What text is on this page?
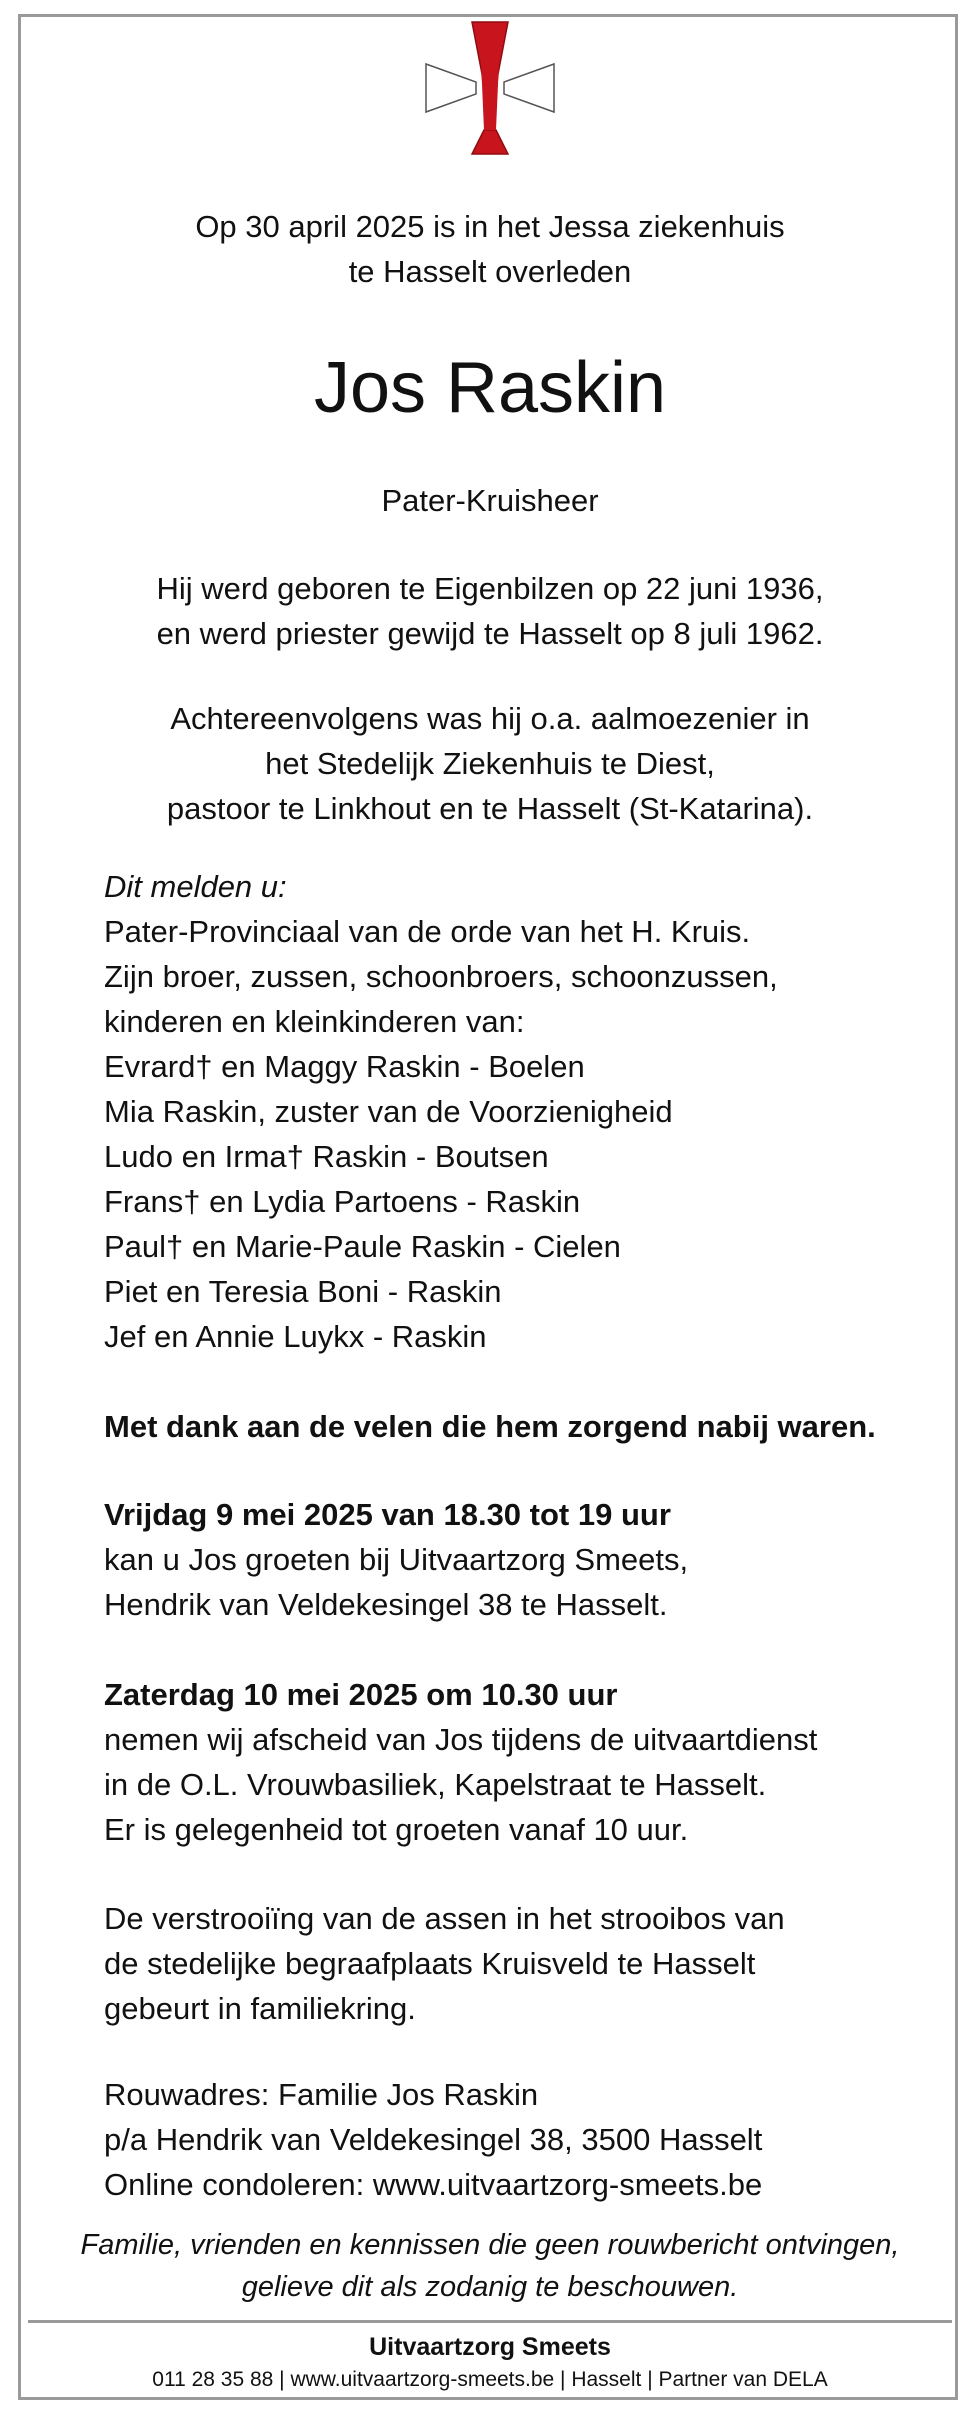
Op 30 april 2025 is in het Jessa ziekenhuis
te Hasselt overleden
Jos Raskin
Pater-Kruisheer
Hij werd geboren te Eigenbilzen op 22 juni 1936,
en werd priester gewijd te Hasselt op 8 juli 1962.
Achtereenvolgens was hij o.a. aalmoezenier in
het Stedelijk Ziekenhuis te Diest,
pastoor te Linkhout en te Hasselt (St-Katarina).
Dit melden u:
Pater-Provinciaal van de orde van het H. Kruis.
Zijn broer, zussen, schoonbroers, schoonzussen,
kinderen en kleinkinderen van:
Evrard† en Maggy Raskin - Boelen
Mia Raskin, zuster van de Voorzienigheid
Ludo en Irma† Raskin - Boutsen
Frans† en Lydia Partoens - Raskin
Paul† en Marie-Paule Raskin - Cielen
Piet en Teresia Boni - Raskin
Jef en Annie Luykx - Raskin
Met dank aan de velen die hem zorgend nabij waren.
Vrijdag 9 mei 2025 van 18.30 tot 19 uur
kan u Jos groeten bij Uitvaartzorg Smeets,
Hendrik van Veldekesingel 38 te Hasselt.
Zaterdag 10 mei 2025 om 10.30 uur
nemen wij afscheid van Jos tijdens de uitvaartdienst
in de O.L. Vrouwbasiliek, Kapelstraat te Hasselt.
Er is gelegenheid tot groeten vanaf 10 uur.
De verstrooiïng van de assen in het strooibos van
de stedelijke begraafplaats Kruisveld te Hasselt
gebeurt in familiekring.
Rouwadres: Familie Jos Raskin
p/a Hendrik van Veldekesingel 38, 3500 Hasselt
Online condoleren: www.uitvaartzorg-smeets.be
Familie, vrienden en kennissen die geen rouwbericht ontvingen,
gelieve dit als zodanig te beschouwen.
Uitvaartzorg Smeets
011 28 35 88 | www.uitvaartzorg-smeets.be | Hasselt | Partner van DELA
